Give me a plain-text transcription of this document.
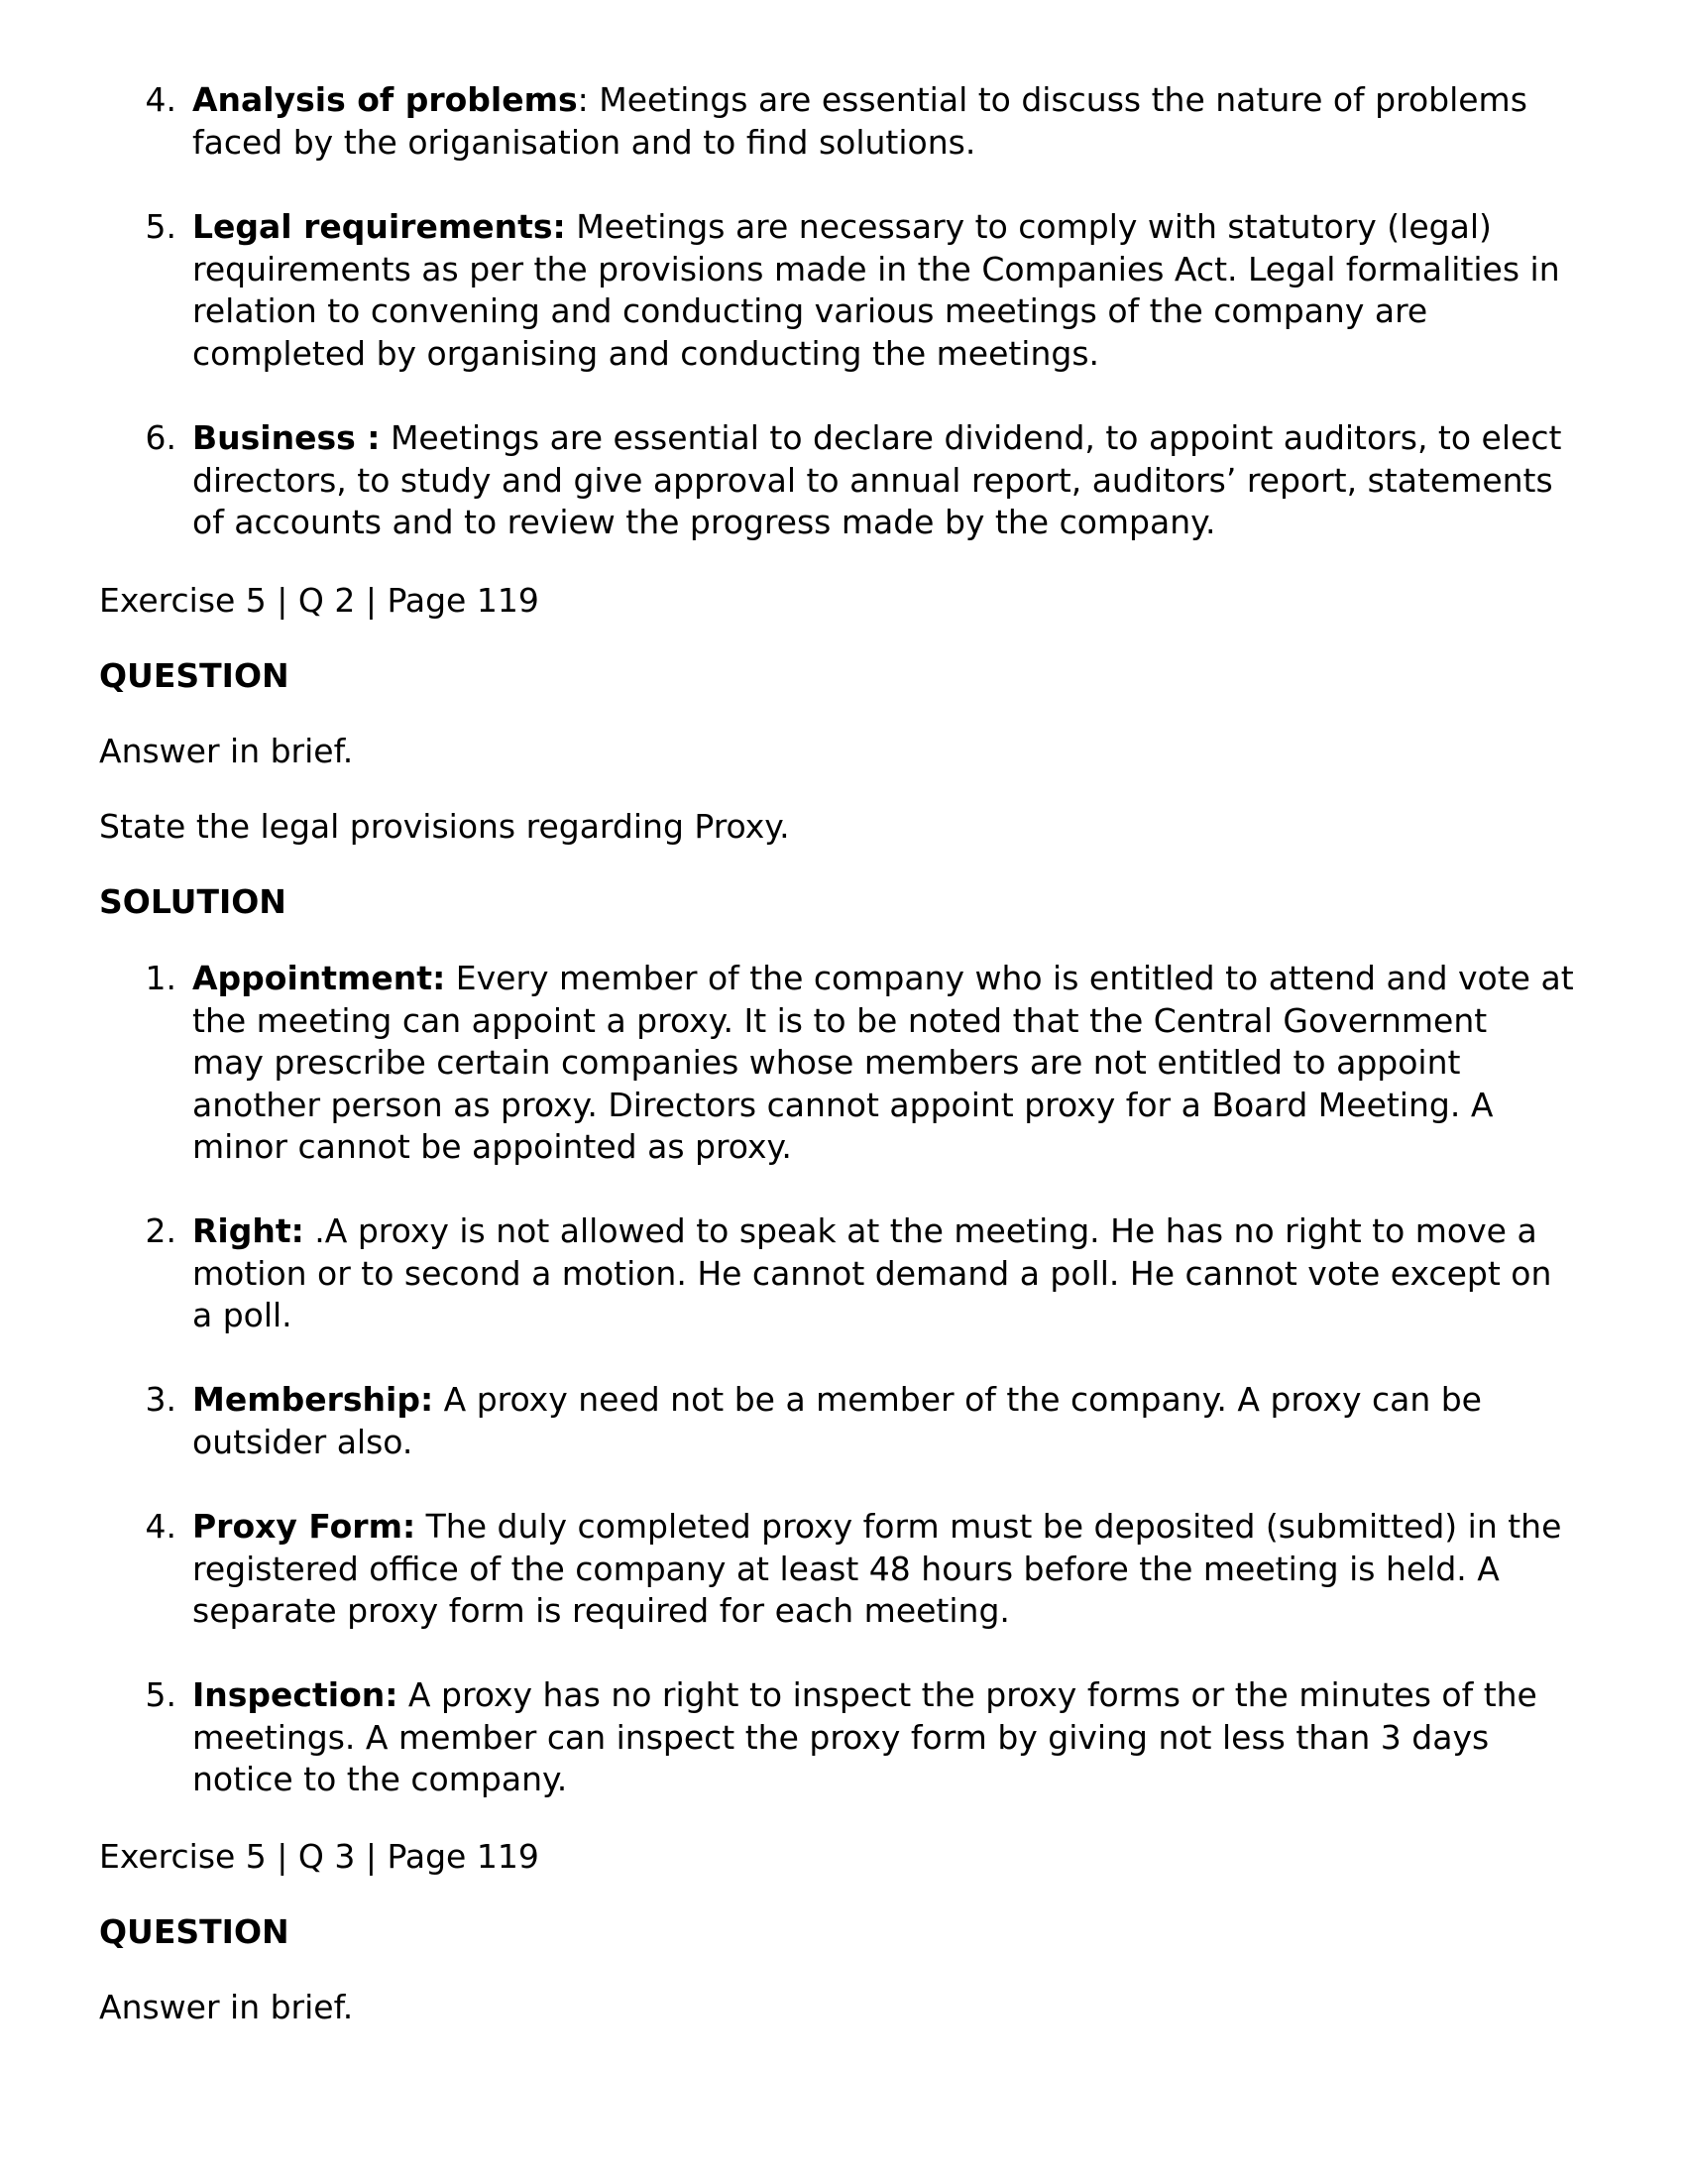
4. Analysis of problems: Meetings are essential to discuss the nature of problems
faced by the origanisation and to find solutions.
5. Legal requirements: Meetings are necessary to comply with statutory (legal)
requirements as per the provisions made in the Companies Act. Legal formalities in
relation to convening and conducting various meetings of the company are
completed by organising and conducting the meetings.
6. Business : Meetings are essential to declare dividend, to appoint auditors, to elect
directors, to study and give approval to annual report, auditors’ report, statements
of accounts and to review the progress made by the company.

Exercise 5 | Q 2 | Page 119

QUESTION

Answer in brief.

State the legal provisions regarding Proxy.

SOLUTION

1. Appointment: Every member of the company who is entitled to attend and vote at
the meeting can appoint a proxy. It is to be noted that the Central Government
may prescribe certain companies whose members are not entitled to appoint
another person as proxy. Directors cannot appoint proxy for a Board Meeting. A
minor cannot be appointed as proxy.
2. Right: .A proxy is not allowed to speak at the meeting. He has no right to move a
motion or to second a motion. He cannot demand a poll. He cannot vote except on
a poll.
3. Membership: A proxy need not be a member of the company. A proxy can be
outsider also.
4. Proxy Form: The duly completed proxy form must be deposited (submitted) in the
registered office of the company at least 48 hours before the meeting is held. A
separate proxy form is required for each meeting.
5. Inspection: A proxy has no right to inspect the proxy forms or the minutes of the
meetings. A member can inspect the proxy form by giving not less than 3 days
notice to the company.

Exercise 5 | Q 3 | Page 119

QUESTION

Answer in brief.
